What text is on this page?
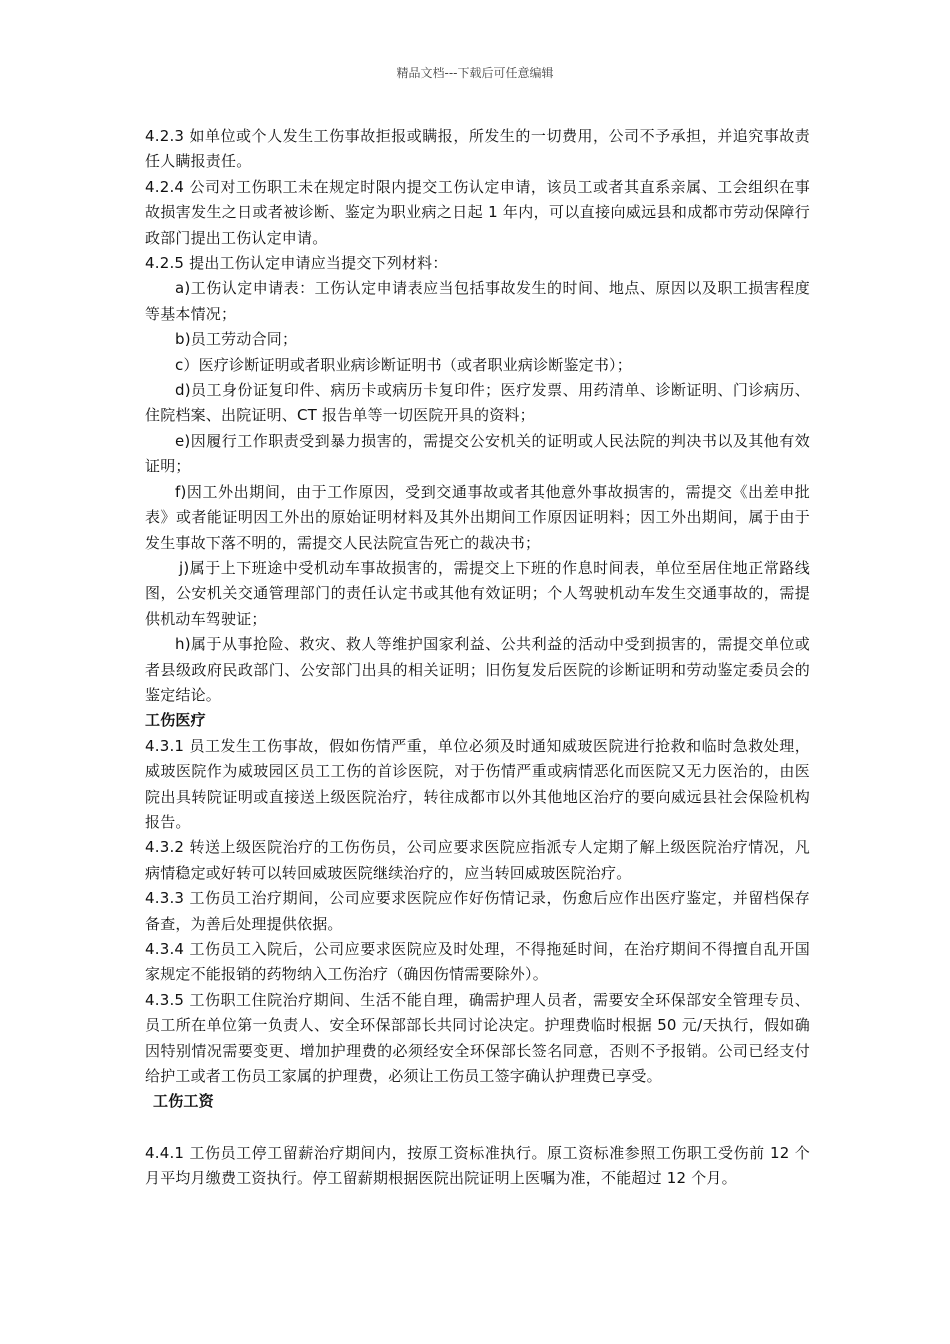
精品文档---下载后可任意编辑

4.2.3 如单位或个人发生工伤事故拒报或瞒报，所发生的一切费用，公司不予承担，并追究事故责任人瞒报责任。

4.2.4 公司对工伤职工未在规定时限内提交工伤认定申请，该员工或者其直系亲属、工会组织在事故损害发生之日或者被诊断、鉴定为职业病之日起 1 年内，可以直接向威远县和成都市劳动保障行政部门提出工伤认定申请。

4.2.5 提出工伤认定申请应当提交下列材料：

a)工伤认定申请表：工伤认定申请表应当包括事故发生的时间、地点、原因以及职工损害程度等基本情况；

b)员工劳动合同；

c）医疗诊断证明或者职业病诊断证明书（或者职业病诊断鉴定书）；

d)员工身份证复印件、病历卡或病历卡复印件；医疗发票、用药清单、诊断证明、门诊病历、住院档案、出院证明、CT 报告单等一切医院开具的资料；

e)因履行工作职责受到暴力损害的，需提交公安机关的证明或人民法院的判决书以及其他有效证明；

f)因工外出期间，由于工作原因，受到交通事故或者其他意外事故损害的，需提交《出差申批表》或者能证明因工外出的原始证明材料及其外出期间工作原因证明料；因工外出期间，属于由于发生事故下落不明的，需提交人民法院宣告死亡的裁决书；

j)属于上下班途中受机动车事故损害的，需提交上下班的作息时间表，单位至居住地正常路线图，公安机关交通管理部门的责任认定书或其他有效证明；个人驾驶机动车发生交通事故的，需提供机动车驾驶证；

h)属于从事抢险、救灾、救人等维护国家利益、公共利益的活动中受到损害的，需提交单位或者县级政府民政部门、公安部门出具的相关证明；旧伤复发后医院的诊断证明和劳动鉴定委员会的鉴定结论。

工伤医疗

4.3.1 员工发生工伤事故，假如伤情严重，单位必须及时通知威玻医院进行抢救和临时急救处理，威玻医院作为威玻园区员工工伤的首诊医院，对于伤情严重或病情恶化而医院又无力医治的，由医院出具转院证明或直接送上级医院治疗，转往成都市以外其他地区治疗的要向威远县社会保险机构报告。

4.3.2 转送上级医院治疗的工伤伤员，公司应要求医院应指派专人定期了解上级医院治疗情况，凡病情稳定或好转可以转回威玻医院继续治疗的，应当转回威玻医院治疗。

4.3.3 工伤员工治疗期间，公司应要求医院应作好伤情记录，伤愈后应作出医疗鉴定，并留档保存备查，为善后处理提供依据。

4.3.4 工伤员工入院后，公司应要求医院应及时处理，不得拖延时间，在治疗期间不得擅自乱开国家规定不能报销的药物纳入工伤治疗（确因伤情需要除外）。

4.3.5 工伤职工住院治疗期间、生活不能自理，确需护理人员者，需要安全环保部安全管理专员、员工所在单位第一负责人、安全环保部部长共同讨论决定。护理费临时根据 50 元/天执行，假如确因特别情况需要变更、增加护理费的必须经安全环保部长签名同意，否则不予报销。公司已经支付给护工或者工伤员工家属的护理费，必须让工伤员工签字确认护理费已享受。

工伤工资

4.4.1 工伤员工停工留薪治疗期间内，按原工资标准执行。原工资标准参照工伤职工受伤前 12 个月平均月缴费工资执行。停工留薪期根据医院出院证明上医嘱为准，不能超过 12 个月。
